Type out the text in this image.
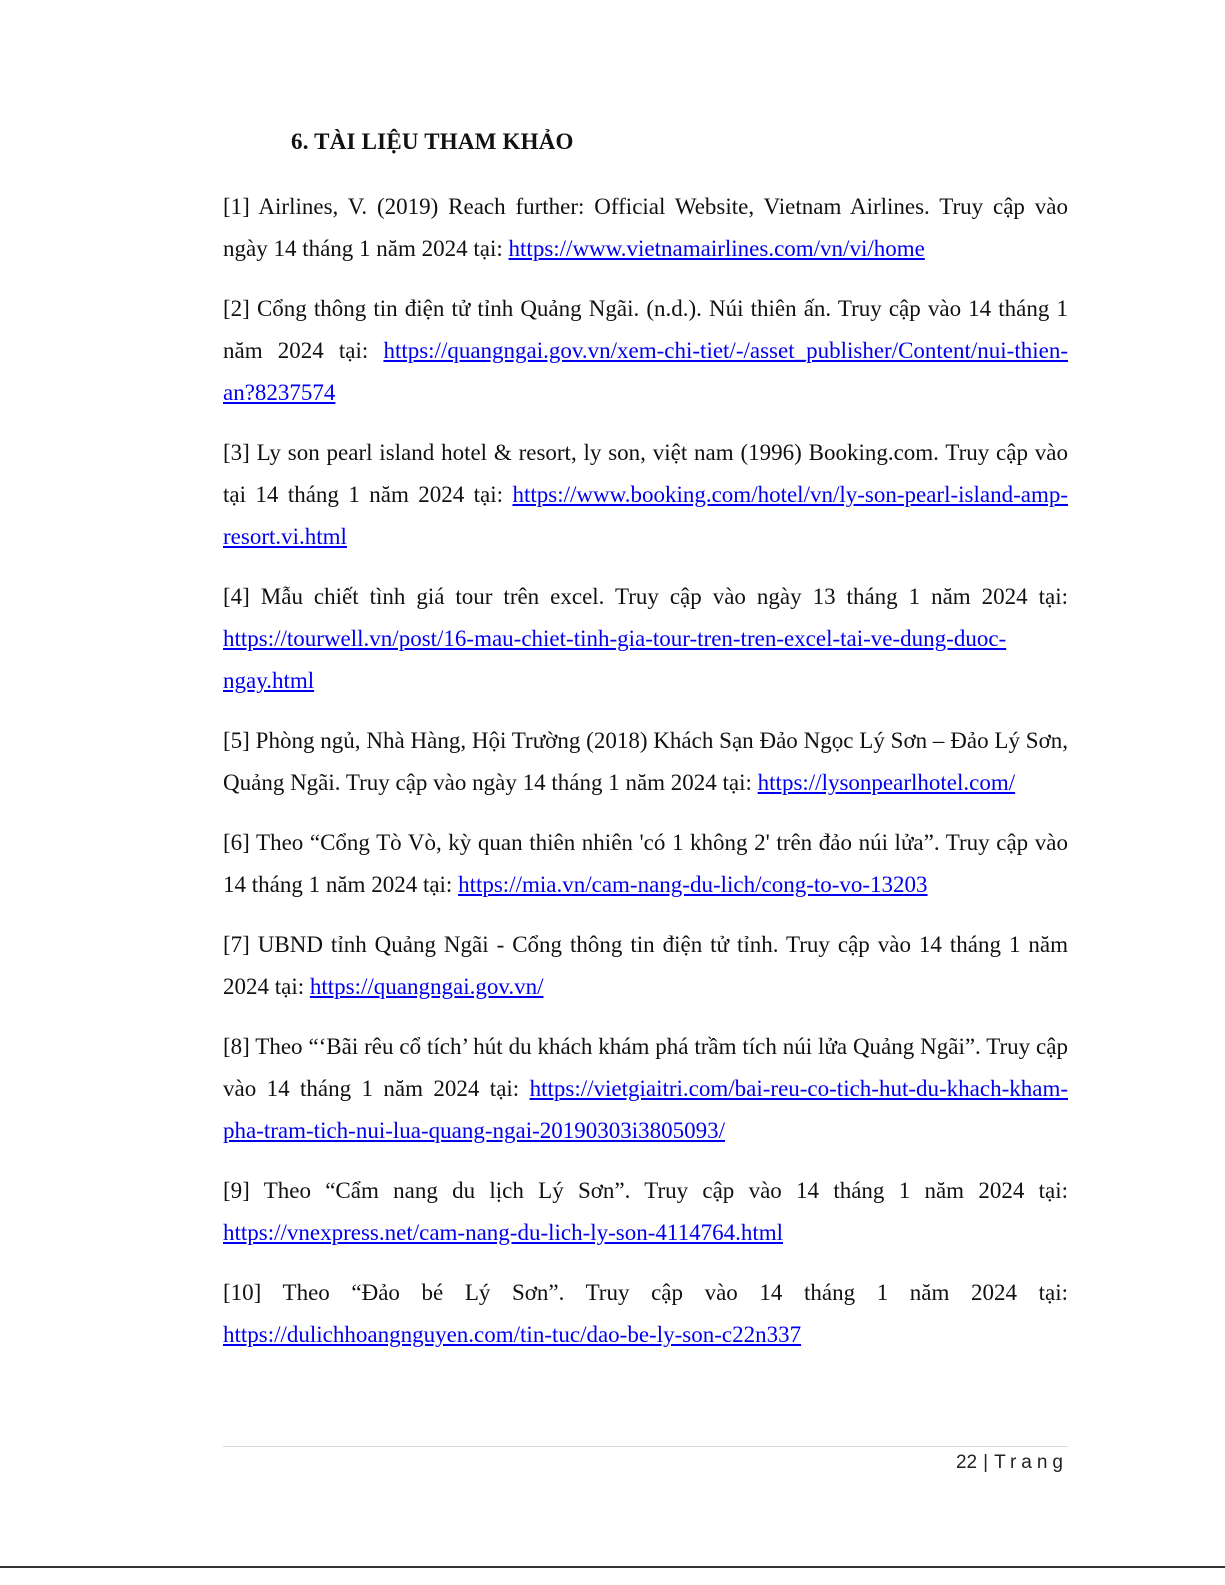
6. TÀI LIỆU THAM KHẢO
[1] Airlines, V. (2019) Reach further: Official Website, Vietnam Airlines. Truy cập vào ngày 14 tháng 1 năm 2024 tại: https://www.vietnamairlines.com/vn/vi/home
[2] Cổng thông tin điện tử tỉnh Quảng Ngãi. (n.d.). Núi thiên ấn. Truy cập vào 14 tháng 1 năm 2024 tại: https://quangngai.gov.vn/xem-chi-tiet/-/asset_publisher/Content/nui-thien-an?8237574
[3] Ly son pearl island hotel & resort, ly son, việt nam (1996) Booking.com. Truy cập vào tại 14 tháng 1 năm 2024 tại: https://www.booking.com/hotel/vn/ly-son-pearl-island-amp-resort.vi.html
[4] Mẫu chiết tình giá tour trên excel. Truy cập vào ngày 13 tháng 1 năm 2024 tại: https://tourwell.vn/post/16-mau-chiet-tinh-gia-tour-tren-tren-excel-tai-ve-dung-duoc-ngay.html
[5] Phòng ngủ, Nhà Hàng, Hội Trường (2018) Khách Sạn Đảo Ngọc Lý Sơn – Đảo Lý Sơn, Quảng Ngãi. Truy cập vào ngày 14 tháng 1 năm 2024 tại: https://lysonpearlhotel.com/
[6] Theo “Cổng Tò Vò, kỳ quan thiên nhiên 'có 1 không 2' trên đảo núi lửa”. Truy cập vào 14 tháng 1 năm 2024 tại: https://mia.vn/cam-nang-du-lich/cong-to-vo-13203
[7] UBND tỉnh Quảng Ngãi - Cổng thông tin điện tử tỉnh. Truy cập vào 14 tháng 1 năm 2024 tại: https://quangngai.gov.vn/
[8] Theo “‘Bãi rêu cổ tích’ hút du khách khám phá trầm tích núi lửa Quảng Ngãi”. Truy cập vào 14 tháng 1 năm 2024 tại: https://vietgiaitri.com/bai-reu-co-tich-hut-du-khach-kham-pha-tram-tich-nui-lua-quang-ngai-20190303i3805093/
[9] Theo “Cẩm nang du lịch Lý Sơn”. Truy cập vào 14 tháng 1 năm 2024 tại: https://vnexpress.net/cam-nang-du-lich-ly-son-4114764.html
[10] Theo “Đảo bé Lý Sơn”. Truy cập vào 14 tháng 1 năm 2024 tại: https://dulichhoangnguyen.com/tin-tuc/dao-be-ly-son-c22n337
22 | Trang
